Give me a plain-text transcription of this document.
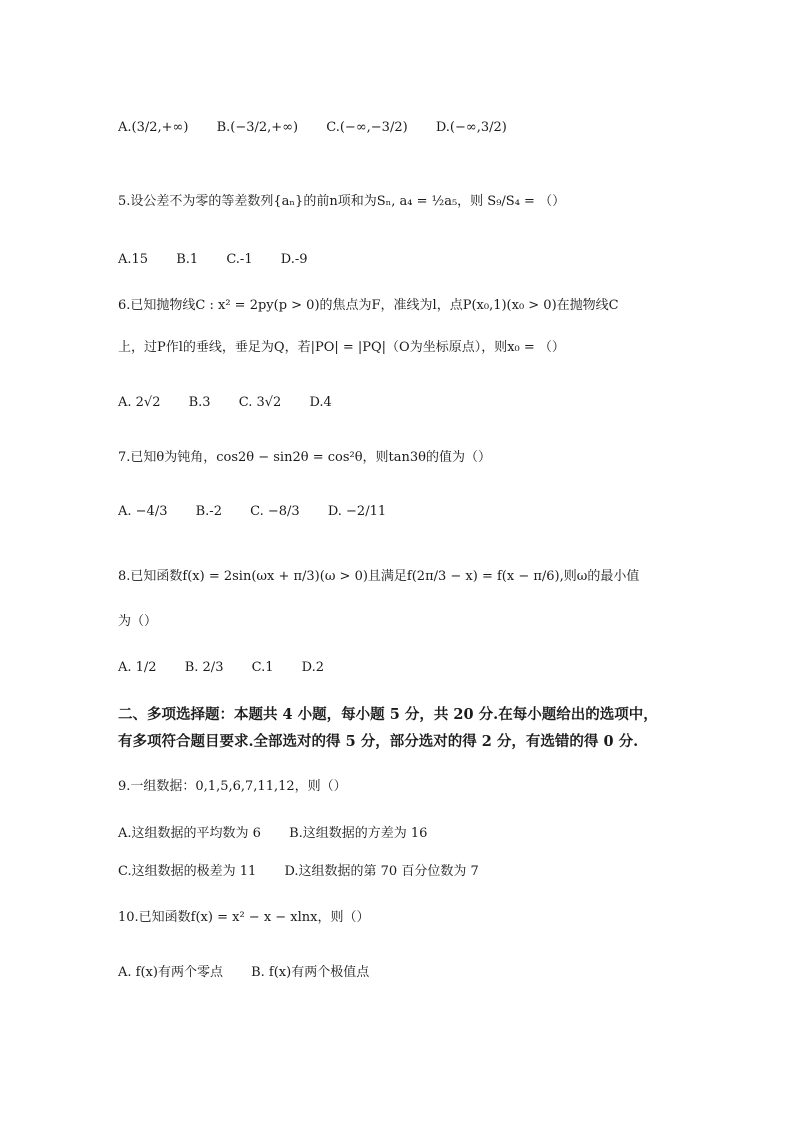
A.(3/2,+∞) B.(−3/2,+∞) C.(−∞,−3/2) D.(−∞,3/2)
5.设公差不为零的等差数列{aₙ}的前n项和为Sₙ, a₄ = ½a₅，则 S₉/S₄ = （）
A.15 B.1 C.-1 D.-9
6.已知抛物线C : x² = 2py(p > 0)的焦点为F，准线为l，点P(x₀,1)(x₀ > 0)在抛物线C
上，过P作l的垂线，垂足为Q，若|PO| = |PQ|（O为坐标原点），则x₀ = （）
A. 2√2 B.3 C. 3√2 D.4
7.已知θ为钝角，cos2θ − sin2θ = cos²θ，则tan3θ的值为（）
A. −4/3 B.-2 C. −8/3 D. −2/11
8.已知函数f(x) = 2sin(ωx + π/3)(ω > 0)且满足f(2π/3 − x) = f(x − π/6),则ω的最小值
为（）
A. 1/2 B. 2/3 C.1 D.2
二、多项选择题：本题共 4 小题，每小题 5 分，共 20 分.在每小题给出的选项中，
有多项符合题目要求.全部选对的得 5 分，部分选对的得 2 分，有选错的得 0 分.
9.一组数据：0,1,5,6,7,11,12，则（）
A.这组数据的平均数为 6 B.这组数据的方差为 16
C.这组数据的极差为 11 D.这组数据的第 70 百分位数为 7
10.已知函数f(x) = x² − x − xlnx，则（）
A. f(x)有两个零点 B. f(x)有两个极值点
